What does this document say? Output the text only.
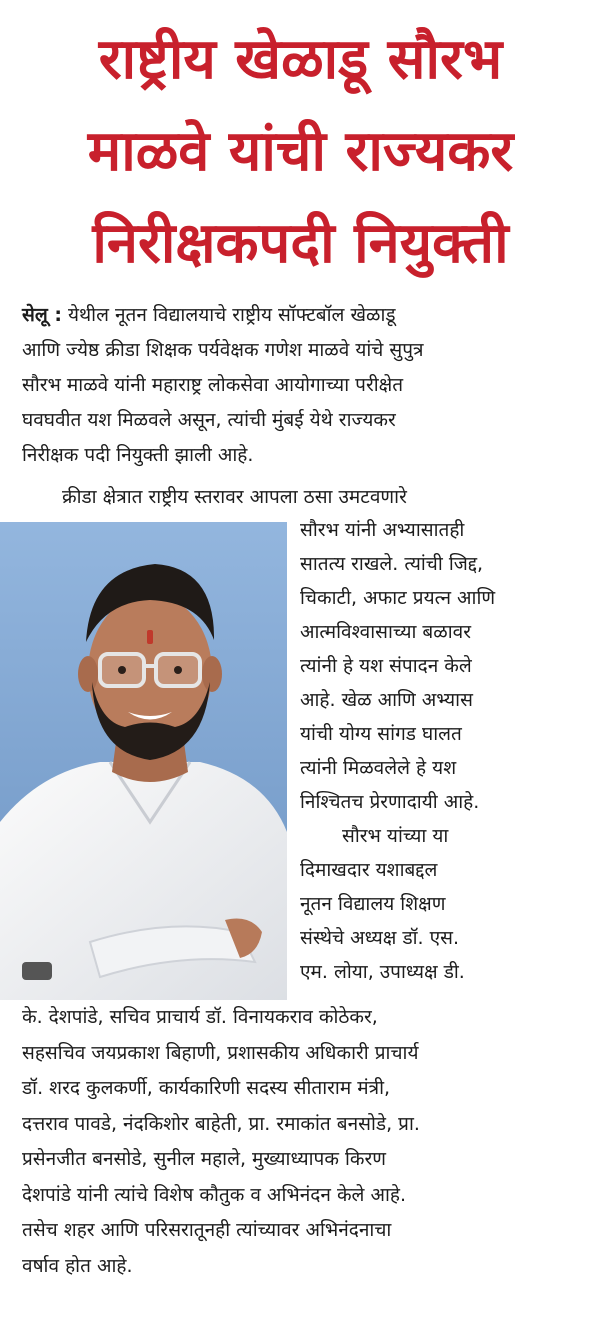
राष्ट्रीय खेळाडू सौरभ
माळवे यांची राज्यकर
निरीक्षकपदी नियुक्ती
सेलू : येथील नूतन विद्यालयाचे राष्ट्रीय सॉफ्टबॉल खेळाडू
आणि ज्येष्ठ क्रीडा शिक्षक पर्यवेक्षक गणेश माळवे यांचे सुपुत्र
सौरभ माळवे यांनी महाराष्ट्र लोकसेवा आयोगाच्या परीक्षेत
घवघवीत यश मिळवले असून, त्यांची मुंबई येथे राज्यकर
निरीक्षक पदी नियुक्ती झाली आहे.
क्रीडा क्षेत्रात राष्ट्रीय स्तरावर आपला ठसा उमटवणारे
सौरभ यांनी अभ्यासातही
सातत्य राखले. त्यांची जिद्द,
चिकाटी, अफाट प्रयत्न आणि
आत्मविश्वासाच्या बळावर
त्यांनी हे यश संपादन केले
आहे. खेळ आणि अभ्यास
यांची योग्य सांगड घालत
त्यांनी मिळवलेले हे यश
निश्चितच प्रेरणादायी आहे.
सौरभ यांच्या या
दिमाखदार यशाबद्दल
नूतन विद्यालय शिक्षण
संस्थेचे अध्यक्ष डॉ. एस.
एम. लोया, उपाध्यक्ष डी.
के. देशपांडे, सचिव प्राचार्य डॉ. विनायकराव कोठेकर,
सहसचिव जयप्रकाश बिहाणी, प्रशासकीय अधिकारी प्राचार्य
डॉ. शरद कुलकर्णी, कार्यकारिणी सदस्य सीताराम मंत्री,
दत्तराव पावडे, नंदकिशोर बाहेती, प्रा. रमाकांत बनसोडे, प्रा.
प्रसेनजीत बनसोडे, सुनील महाले, मुख्याध्यापक किरण
देशपांडे यांनी त्यांचे विशेष कौतुक व अभिनंदन केले आहे.
तसेच शहर आणि परिसरातूनही त्यांच्यावर अभिनंदनाचा
वर्षाव होत आहे.
